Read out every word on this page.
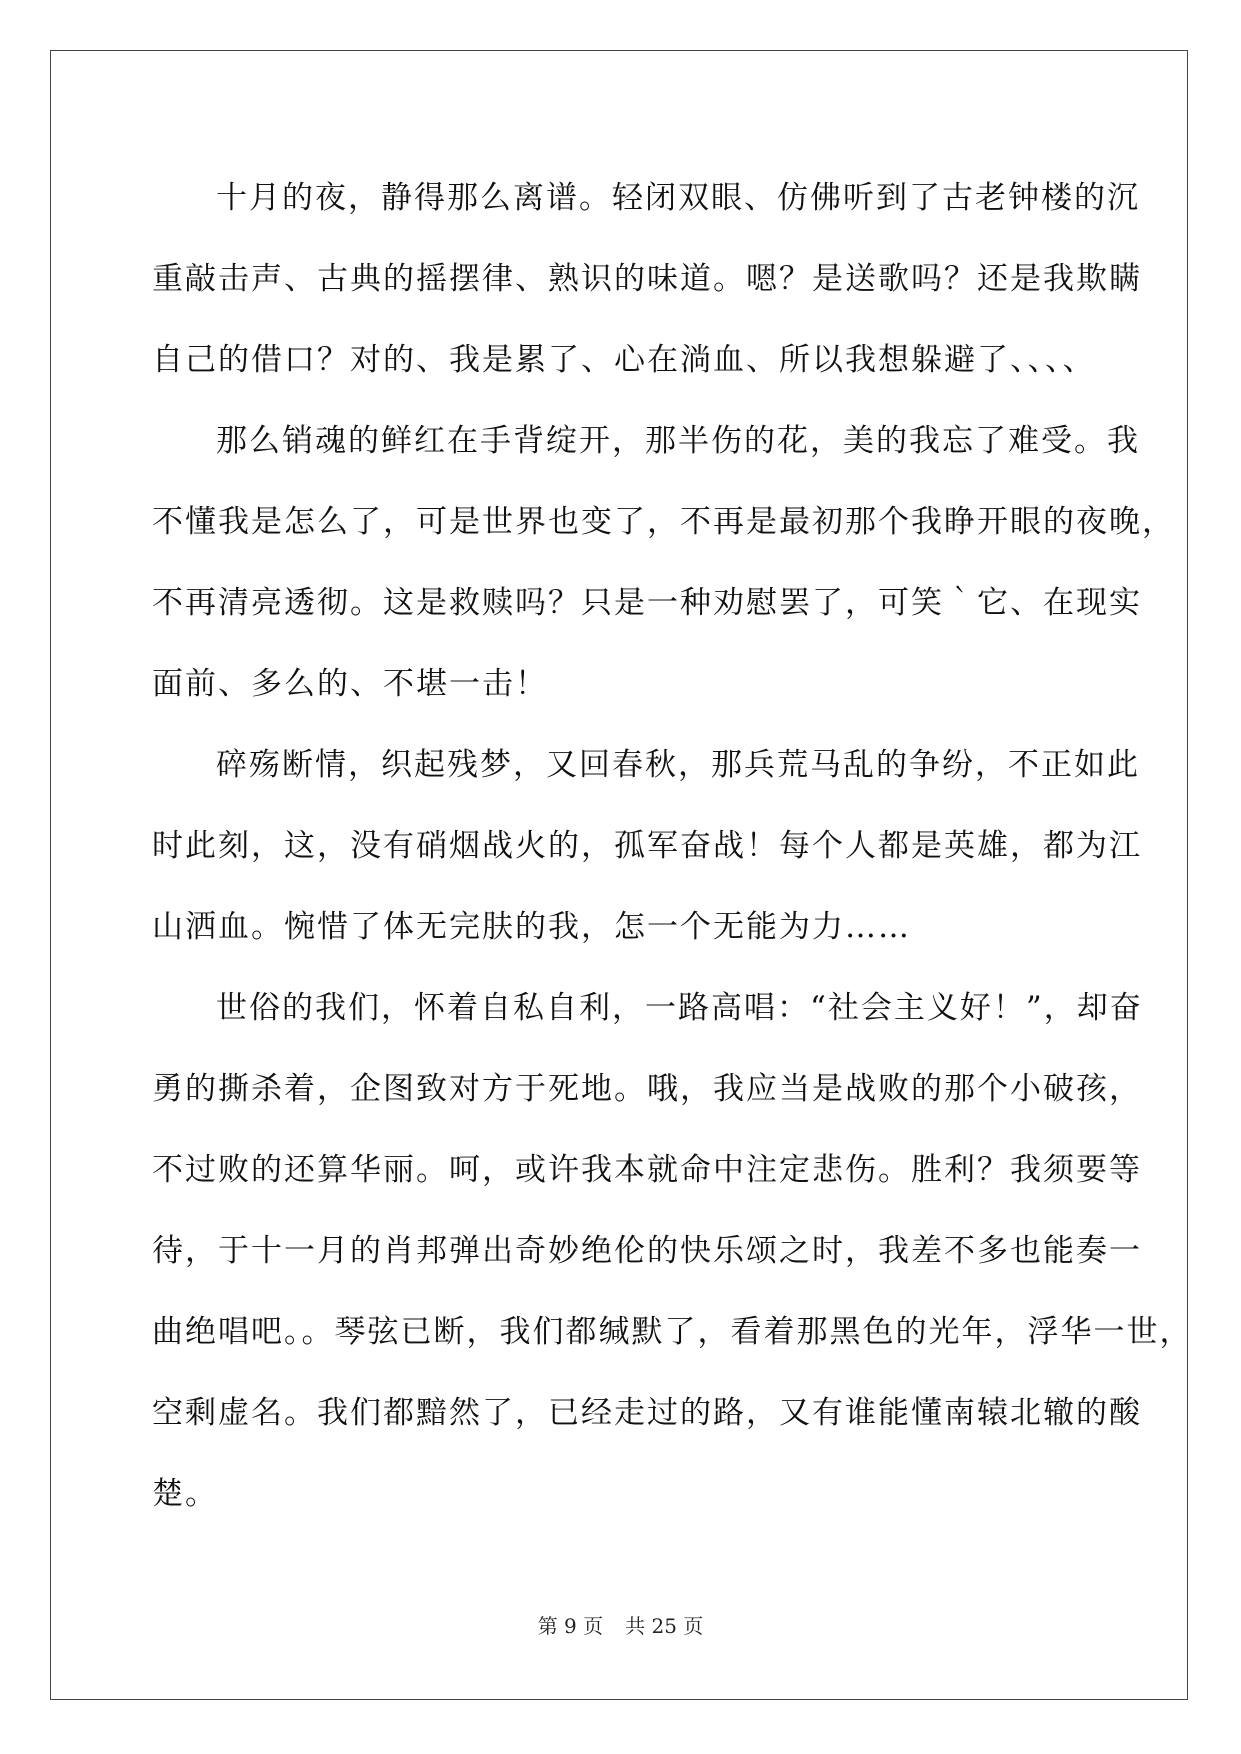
十月的夜，静得那么离谱。轻闭双眼、仿佛听到了古老钟楼的沉

重敲击声、古典的摇摆律、熟识的味道。嗯？是送歌吗？还是我欺瞒

自己的借口？对的、我是累了、心在淌血、所以我想躲避了、、、、

那么销魂的鲜红在手背绽开，那半伤的花，美的我忘了难受。我

不懂我是怎么了，可是世界也变了，不再是最初那个我睁开眼的夜晚，

不再清亮透彻。这是救赎吗？只是一种劝慰罢了，可笑｀它、在现实

面前、多么的、不堪一击！

碎殇断情，织起残梦，又回春秋，那兵荒马乱的争纷，不正如此

时此刻，这，没有硝烟战火的，孤军奋战！每个人都是英雄，都为江

山洒血。惋惜了体无完肤的我，怎一个无能为力……

世俗的我们，怀着自私自利，一路高唱：“社会主义好！”，却奋

勇的撕杀着，企图致对方于死地。哦，我应当是战败的那个小破孩，

不过败的还算华丽。呵，或许我本就命中注定悲伤。胜利？我须要等

待，于十一月的肖邦弹出奇妙绝伦的快乐颂之时，我差不多也能奏一

曲绝唱吧。。琴弦已断，我们都缄默了，看着那黑色的光年，浮华一世，

空剩虚名。我们都黯然了，已经走过的路，又有谁能懂南辕北辙的酸

楚。

第 9 页 共 25 页
